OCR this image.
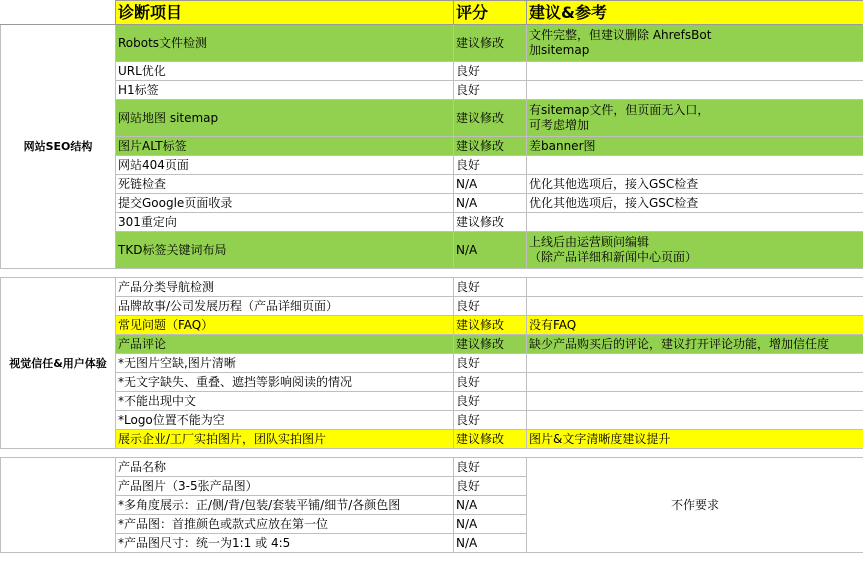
	诊断项目	评分	建议&参考
网站SEO结构	Robots文件检测	建议修改	文件完整，但建议删除 AhrefsBot
加sitemap

	URL优化	良好	
	H1标签	良好	
	网站地图 sitemap	建议修改	有sitemap文件，但页面无入口，
可考虑增加

	图片ALT标签	建议修改	差banner图
	网站404页面	良好	
	死链检查	N/A	优化其他选项后，接入GSC检查
	提交Google页面收录	N/A	优化其他选项后，接入GSC检查
	301重定向	建议修改	
	TKD标签关键词布局	N/A	上线后由运营顾问编辑
（除产品详细和新闻中心页面）

视觉信任&用户体验	产品分类导航检测	良好	
	品牌故事/公司发展历程（产品详细页面）	良好	
	常见问题（FAQ）	建议修改	没有FAQ
	产品评论	建议修改	缺少产品购买后的评论，建议打开评论功能，增加信任度
	*无图片空缺,图片清晰	良好	
	*无文字缺失、重叠、遮挡等影响阅读的情况	良好	
	*不能出现中文	良好	
	*Logo位置不能为空	良好	
	展示企业/工厂实拍图片，团队实拍图片	建议修改	图片&文字清晰度建议提升

	产品名称	良好	不作要求
	产品图片（3-5张产品图）	良好	
	*多角度展示：正/侧/背/包装/套装平铺/细节/各颜色图	N/A	
	*产品图：首推颜色或款式应放在第一位	N/A	
	*产品图尺寸：统一为1:1 或 4:5	N/A	
